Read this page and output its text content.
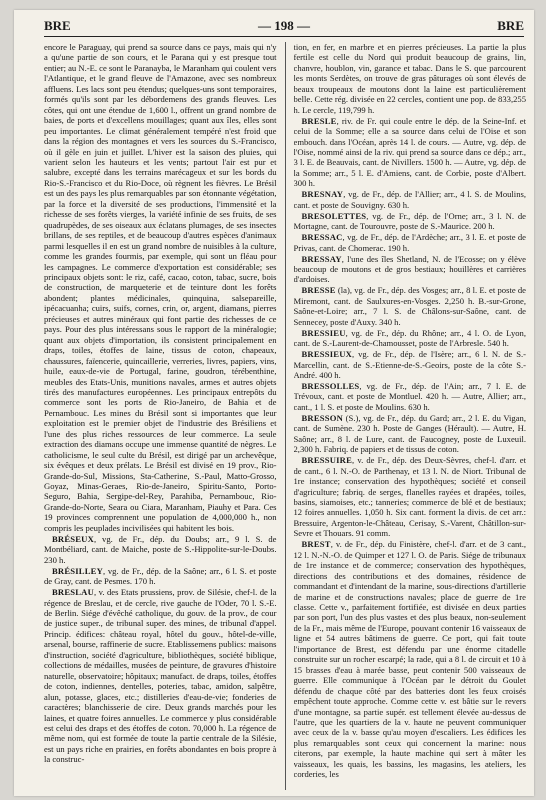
BRE	— 198 —	BRE

encore le Paraguay, qui prend sa source dans ce pays, mais qui n'y a qu'une partie de son cours, et le Parana qui y est presque tout entier; au N.-E. ce sont le Paranayba, le Maranham qui coulent vers l'Atlantique, et le grand fleuve de l'Amazone, avec ses nombreux affluens. Les lacs sont peu étendus; quelques-uns sont temporaires, formés qu'ils sont par les débordemens des grands fleuves. Les côtes, qui ont une étendue de 1,600 l., offrent un grand nombre de baies, de ports et d'excellens mouillages; quant aux îles, elles sont peu importantes. Le climat généralement tempéré n'est froid que dans la région des montagnes et vers les sources du S.-Francisco, où il gèle en juin et juillet. L'hiver est la saison des pluies, qui varient selon les hauteurs et les vents; partout l'air est pur et salubre, excepté dans les terrains marécageux et sur les bords du Rio-S.-Francisco et du Rio-Doce, où règnent les fièvres. Le Brésil est un des pays les plus remarquables par son étonnante végétation, par la force et la diversité de ses productions, l'immensité et la richesse de ses forêts vierges, la variété infinie de ses fruits, de ses quadrupèdes, de ses oiseaux aux éclatans plumages, de ses insectes brillans, de ses reptiles, et de beaucoup d'autres espèces d'animaux parmi lesquelles il en est un grand nombre de nuisibles à la culture, comme les grandes fourmis, par exemple, qui sont un fléau pour les campagnes. Le commerce d'exportation est considérable; ses principaux objets sont: le riz, café, cacao, coton, tabac, sucre, bois de construction, de marqueterie et de teinture dont les forêts abondent; plantes médicinales, quinquina, salsepareille, ipécacuanha; cuirs, suifs, cornes, crin, or, argent, diamans, pierres précieuses et autres minéraux qui font partie des richesses de ce pays. Pour des plus intéressans sous le rapport de la minéralogie; quant aux objets d'importation, ils consistent principalement en draps, toiles, étoffes de laine, tissus de coton, chapeaux, chaussures, faïencerie, quincaillerie, verreries, livres, papiers, vins, huile, eaux-de-vie de Portugal, farine, goudron, térébenthine, meubles des Etats-Unis, munitions navales, armes et autres objets tirés des manufactures européennes. Les principaux entrepôts du commerce sont les ports de Rio-Janeiro, de Bahia et de Pernambouc. Les mines du Brésil sont si importantes que leur exploitation est le premier objet de l'industrie des Brésiliens et l'une des plus riches ressources de leur commerce. La seule extraction des diamans occupe une immense quantité de nègres. Le catholicisme, le seul culte du Brésil, est dirigé par un archevêque, six évêques et deux prélats. Le Brésil est divisé en 19 prov., Rio-Grande-do-Sul, Missions, Sta-Catherine, S.-Paul, Matto-Grosso, Goyaz, Minas-Geraes, Rio-de-Janeiro, Spiritu-Santo, Porto-Seguro, Bahia, Sergipe-del-Rey, Parahiba, Pernambouc, Rio-Grande-do-Norte, Seara ou Ciara, Maranham, Piauhy et Para. Ces 19 provinces comprennent une population de 4,000,000 h., non compris les peuplades incivilisées qui habitent les bois.

BRÉSEUX, vg. de Fr., dép. du Doubs; arr., 9 l. S. de Montbéliard, cant. de Maiche, poste de S.-Hippolite-sur-le-Doubs. 230 h.

BRÉSILLEY, vg. de Fr., dép. de la Saône; arr., 6 l. S. et poste de Gray, cant. de Pesmes. 170 h.

BRESLAU, v. des Etats prussiens, prov. de Silésie, chef-l. de la régence de Breslau, et de cercle, rive gauche de l'Oder, 70 l. S.-E. de Berlin. Siége d'évêché catholique, du gouv. de la prov., de cour de justice super., de tribunal super. des mines, de tribunal d'appel. Princip. édifices: château royal, hôtel du gouv., hôtel-de-ville, arsenal, bourse, raffinerie de sucre. Etablissemens publics: maisons d'instruction, société d'agriculture, bibliothèques, société biblique, collections de médailles, musées de peinture, de gravures d'histoire naturelle, observatoire; hôpitaux; manufact. de draps, toiles, étoffes de coton, indiennes, dentelles, poteries, tabac, amidon, salpêtre, alun, potasse, glaces, etc.; distilleries d'eau-de-vie; fonderies de caractères; blanchisserie de cire. Deux grands marchés pour les laines, et quatre foires annuelles. Le commerce y plus considérable est celui des draps et des étoffes de coton. 70,000 h. La régence de même nom, qui est formée de toute la partie centrale de la Silésie, est un pays riche en prairies, en forêts abondantes en bois propre à la construc-

tion, en fer, en marbre et en pierres précieuses. La partie la plus fertile est celle du Nord qui produit beaucoup de grains, lin, chanvre, houblon, vin, garance et tabac. Dans le S. que parcourent les monts Serdètes, on trouve de gras pâturages où sont élevés de beaux troupeaux de moutons dont la laine est particulièrement belle. Cette rég. divisée en 22 cercles, contient une pop. de 833,255 h. Le cercle, 119,799 h.

BRESLE, riv. de Fr. qui coule entre le dép. de la Seine-Inf. et celui de la Somme; elle a sa source dans celui de l'Oise et son embouch. dans l'Océan, après 14 l. de cours. — Autre, vg. dép. de l'Oise, nommé ainsi de la riv. qui prend sa source dans ce dép.; arr., 3 l. E. de Beauvais, cant. de Nivillers. 1500 h. — Autre, vg. dép. de la Somme; arr., 5 l. E. d'Amiens, cant. de Corbie, poste d'Albert. 300 h.

BRESNAY, vg. de Fr., dép. de l'Allier; arr., 4 l. S. de Moulins, cant. et poste de Souvigny. 630 h.

BRESOLETTES, vg. de Fr., dép. de l'Orne; arr., 3 l. N. de Mortagne, cant. de Tourouvre, poste de S.-Maurice. 200 h.

BRESSAC, vg. de Fr., dép. de l'Ardèche; arr., 3 l. E. et poste de Privas, cant. de Chomerac. 190 h.

BRESSAY, l'une des îles Shetland, N. de l'Ecosse; on y élève beaucoup de moutons et de gros bestiaux; houillères et carrières d'ardoises.

BRESSE (la), vg. de Fr., dép. des Vosges; arr., 8 l. E. et poste de Miremont, cant. de Saulxures-en-Vosges. 2,250 h. B.-sur-Grone, Saône-et-Loire; arr., 7 l. S. de Châlons-sur-Saône, cant. de Sennecey, poste d'Auxy. 340 h.

BRESSIEU, vg. de Fr., dép. du Rhône; arr., 4 l. O. de Lyon, cant. de S.-Laurent-de-Chamousset, poste de l'Arbresle. 540 h.

BRESSIEUX, vg. de Fr., dép. de l'Isère; arr., 6 l. N. de S.-Marcellin, cant. de S.-Etienne-de-S.-Geoirs, poste de la côte S.-André. 400 h.

BRESSOLLES, vg. de Fr., dép. de l'Ain; arr., 7 l. E. de Trévoux, cant. et poste de Montluel. 420 h. — Autre, Allier; arr., cant., 1 l. S. et poste de Moulins. 630 h.

BRESSON (S.), vg. de Fr., dép. du Gard; arr., 2 l. E. du Vigan, cant. de Sumène. 230 h. Poste de Ganges (Hérault). — Autre, H. Saône; arr., 8 l. de Lure, cant. de Faucogney, poste de Luxeuil. 2,300 h. Fabriq. de papiers et de tissus de coton.

BRESSUIRE, v. de Fr., dép. des Deux-Sèvres, chef-l. d'arr. et de cant., 6 l. N.-O. de Parthenay, et 13 l. N. de Niort. Tribunal de 1re instance; conservation des hypothèques; société et conseil d'agriculture; fabriq. de serges, flanelles rayées et drapées, toiles, basins, siamoises, etc.; tanneries; commerce de blé et de bestiaux; 12 foires annuelles. 1,050 h. Six cant. forment la divis. de cet arr.: Bressuire, Argenton-le-Château, Cerisay, S.-Varent, Châtillon-sur-Sevre et Thouars. 91 comm.

BREST, v. de Fr., dép. du Finistère, chef-l. d'arr. et de 3 cant., 12 l. N.-N.-O. de Quimper et 127 l. O. de Paris. Siége de tribunaux de 1re instance et de commerce; conservation des hypothèques, directions des contributions et des domaines, résidence de commandant et d'intendant de la marine, sous-directions d'artillerie de marine et de constructions navales; place de guerre de 1re classe. Cette v., parfaitement fortifiée, est divisée en deux parties par son port, l'un des plus vastes et des plus beaux, non-seulement de la Fr., mais même de l'Europe, pouvant contenir 16 vaisseaux de ligne et 54 autres bâtimens de guerre. Ce port, qui fait toute l'importance de Brest, est défendu par une énorme citadelle construite sur un rocher escarpé; la rade, qui a 8 l. de circuit et 10 à 15 brasses d'eau à marée basse, peut contenir 500 vaisseaux de guerre. Elle communique à l'Océan par le détroit du Goulet défendu de chaque côté par des batteries dont les feux croisés empêchent toute approche. Comme cette v. est bâtie sur le revers d'une montagne, sa partie supér. est tellement élevée au-dessus de l'autre, que les quartiers de la v. haute ne peuvent communiquer avec ceux de la v. basse qu'au moyen d'escaliers. Les édifices les plus remarquables sont ceux qui concernent la marine: nous citerons, par exemple, la haute machine qui sert à mâter les vaisseaux, les quais, les bassins, les magasins, les ateliers, les corderies, les
